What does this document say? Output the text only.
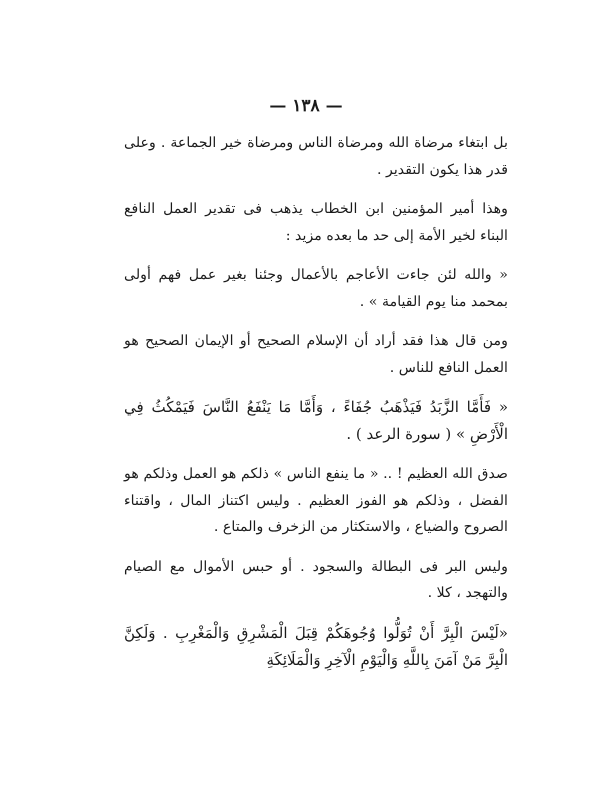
— ١٣٨ —

بل ابتغاء مرضاة الله ومرضاة الناس ومرضاة خير الجماعة . وعلى قدر هذا يكون التقدير .

وهذا أمير المؤمنين ابن الخطاب يذهب فى تقدير العمل النافع البناء لخير الأمة إلى حد ما بعده مزيد :

« والله لئن جاءت الأعاجم بالأعمال وجئنا بغير عمل فهم أولى بمحمد منا يوم القيامة » .

ومن قال هذا فقد أراد أن الإسلام الصحيح أو الإيمان الصحيح هو العمل النافع للناس .

« فَأَمَّا الزَّبَدُ فَيَذْهَبُ جُفَاءً ، وَأَمَّا مَا يَنْفَعُ النَّاسَ فَيَمْكُثُ فِي الْأَرْضِ » ( سورة الرعد ) .

صدق الله العظيم ! .. « ما ينفع الناس » ذلكم هو العمل وذلكم هو الفضل ، وذلكم هو الفوز العظيم . وليس اكتناز المال ، واقتناء الصروح والضياع ، والاستكثار من الزخرف والمتاع .

وليس البر فى البطالة والسجود . أو حبس الأموال مع الصيام والتهجد ، كلا .

«لَيْسَ الْبِرَّ أَنْ تُوَلُّوا وُجُوهَكُمْ قِبَلَ الْمَشْرِقِ وَالْمَغْرِبِ . وَلَكِنَّ الْبِرَّ مَنْ آمَنَ بِاللَّهِ وَالْيَوْمِ الْآخِرِ وَالْمَلَائِكَةِ
